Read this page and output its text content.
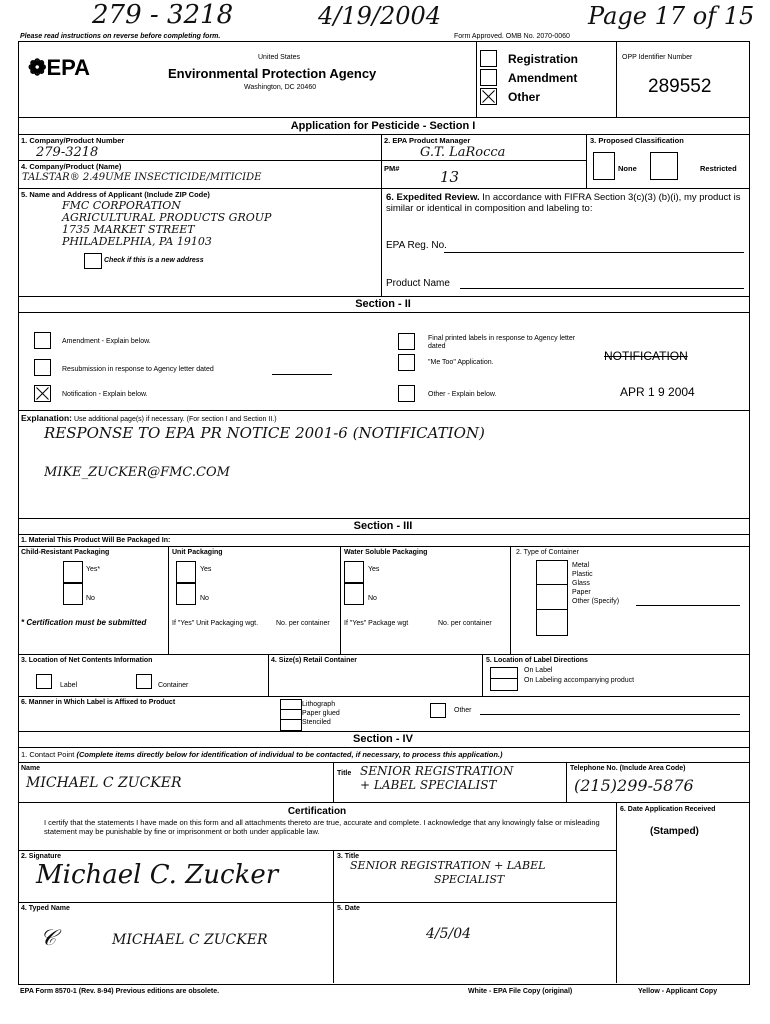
279 - 3218	4/19/2004	Page 17 of 15
Please read instructions on reverse before completing form.	Form Approved. OMB No. 2070-0060
❁EPA	United States
Environmental Protection Agency
Washington, DC 20460
Registration
Amendment
Other
OPP Identifier Number
289552
Application for Pesticide - Section I
1. Company/Product Number
279-3218
2. EPA Product Manager
G.T. LaRocca
3. Proposed Classification
None	Restricted
4. Company/Product (Name)
TALSTAR® 2.49UME INSECTICIDE/MITICIDE
PM#	13
5. Name and Address of Applicant (Include ZIP Code)
FMC CORPORATION
AGRICULTURAL PRODUCTS GROUP
1735 MARKET STREET
PHILADELPHIA, PA 19103
Check if this is a new address
6. Expedited Review. In accordance with FIFRA Section 3(c)(3) (b)(i), my product is similar or identical in composition and labeling to:
EPA Reg. No.
Product Name
Section - II
Amendment - Explain below.
Resubmission in response to Agency letter dated
Notification - Explain below.
Final printed labels in response to Agency letter dated
"Me Too" Application.
Other - Explain below.
NOTIFICATION
APR 1 9 2004
Explanation: Use additional page(s) if necessary. (For section I and Section II.)
RESPONSE TO EPA PR NOTICE 2001-6 (NOTIFICATION)
MIKE_ZUCKER@FMC.COM
Section - III
1. Material This Product Will Be Packaged In:
Child-Resistant Packaging	Unit Packaging	Water Soluble Packaging	2. Type of Container
Yes*
No
* Certification must be submitted
Yes
No
If "Yes" Unit Packaging wgt.	No. per container
Yes
No
If "Yes" Package wgt	No. per container
Metal
Plastic
Glass
Paper
Other (Specify)
3. Location of Net Contents Information
Label	Container
4. Size(s) Retail Container	5. Location of Label Directions
On Label
On Labeling accompanying product
6. Manner in Which Label is Affixed to Product	Lithograph
Paper glued
Stenciled
Other
Section - IV
1. Contact Point (Complete items directly below for identification of individual to be contacted, if necessary, to process this application.)
Name
MICHAEL C ZUCKER
Title SENIOR REGISTRATION
+ LABEL SPECIALIST
Telephone No. (Include Area Code)
(215)299-5876
Certification
I certify that the statements I have made on this form and all attachments thereto are true, accurate and complete. I acknowledge that any knowingly false or misleading statement may be punishable by fine or imprisonment or both under applicable law.
6. Date Application Received
(Stamped)
2. Signature
Michael C. Zucker
3. Title
SENIOR REGISTRATION + LABEL
SPECIALIST
4. Typed Name
MICHAEL C ZUCKER
𝒞
5. Date
4/5/04
EPA Form 8570-1 (Rev. 8-94) Previous editions are obsolete.	White - EPA File Copy (original)	Yellow - Applicant Copy
